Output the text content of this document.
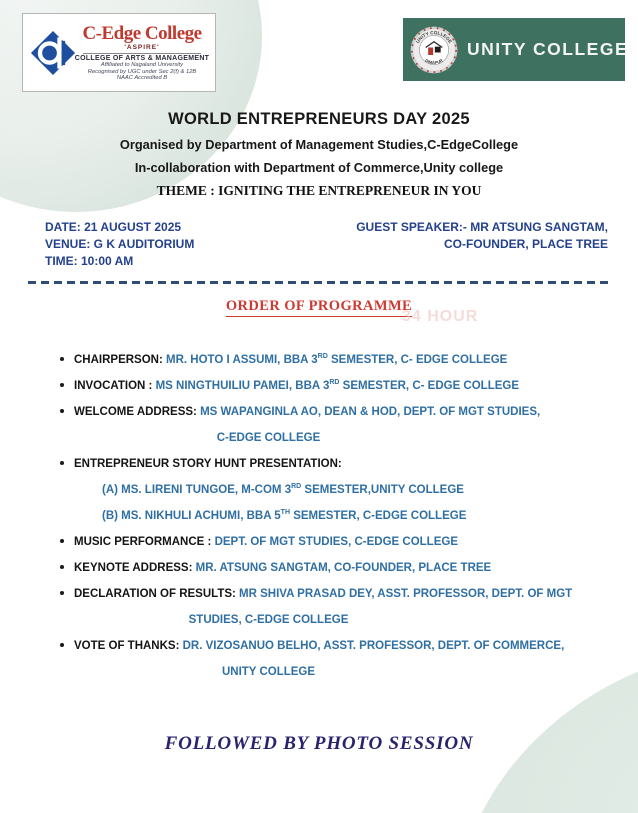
C-Edge College
'ASPIRE'
COLLEGE OF ARTS & MANAGEMENT
Affiliated to Nagaland University
Recognised by UGC under Sec 2(f) & 12B
NAAC Accredited B
UNITY COLLEGE
DIMAPUR
UNITY COLLEGE
WORLD ENTREPRENEURS DAY 2025
Organised by Department of Management Studies,C-EdgeCollege
In-collaboration with Department of Commerce,Unity college
THEME : IGNITING THE ENTREPRENEUR IN YOU
DATE: 21 AUGUST 2025
VENUE: G K AUDITORIUM
TIME: 10:00 AM
GUEST SPEAKER:- MR ATSUNG SANGTAM,
CO-FOUNDER, PLACE TREE
ORDER OF PROGRAMME
34 HOUR
CHAIRPERSON: MR. HOTO I ASSUMI, BBA 3RD SEMESTER, C- EDGE COLLEGE
INVOCATION : MS NINGTHUILIU PAMEI, BBA 3RD SEMESTER, C- EDGE COLLEGE
WELCOME ADDRESS: MS WAPANGINLA AO, DEAN & HOD, DEPT. OF MGT STUDIES,
C-EDGE COLLEGE
ENTREPRENEUR STORY HUNT PRESENTATION:
(A) MS. LIRENI TUNGOE, M-COM 3RD SEMESTER,UNITY COLLEGE
(B) MS. NIKHULI ACHUMI, BBA 5TH SEMESTER, C-EDGE COLLEGE
MUSIC PERFORMANCE : DEPT. OF MGT STUDIES, C-EDGE COLLEGE
KEYNOTE ADDRESS: MR. ATSUNG SANGTAM, CO-FOUNDER, PLACE TREE
DECLARATION OF RESULTS: MR SHIVA PRASAD DEY, ASST. PROFESSOR, DEPT. OF MGT
STUDIES, C-EDGE COLLEGE
VOTE OF THANKS: DR. VIZOSANUO BELHO, ASST. PROFESSOR, DEPT. OF COMMERCE,
UNITY COLLEGE
FOLLOWED BY PHOTO SESSION
